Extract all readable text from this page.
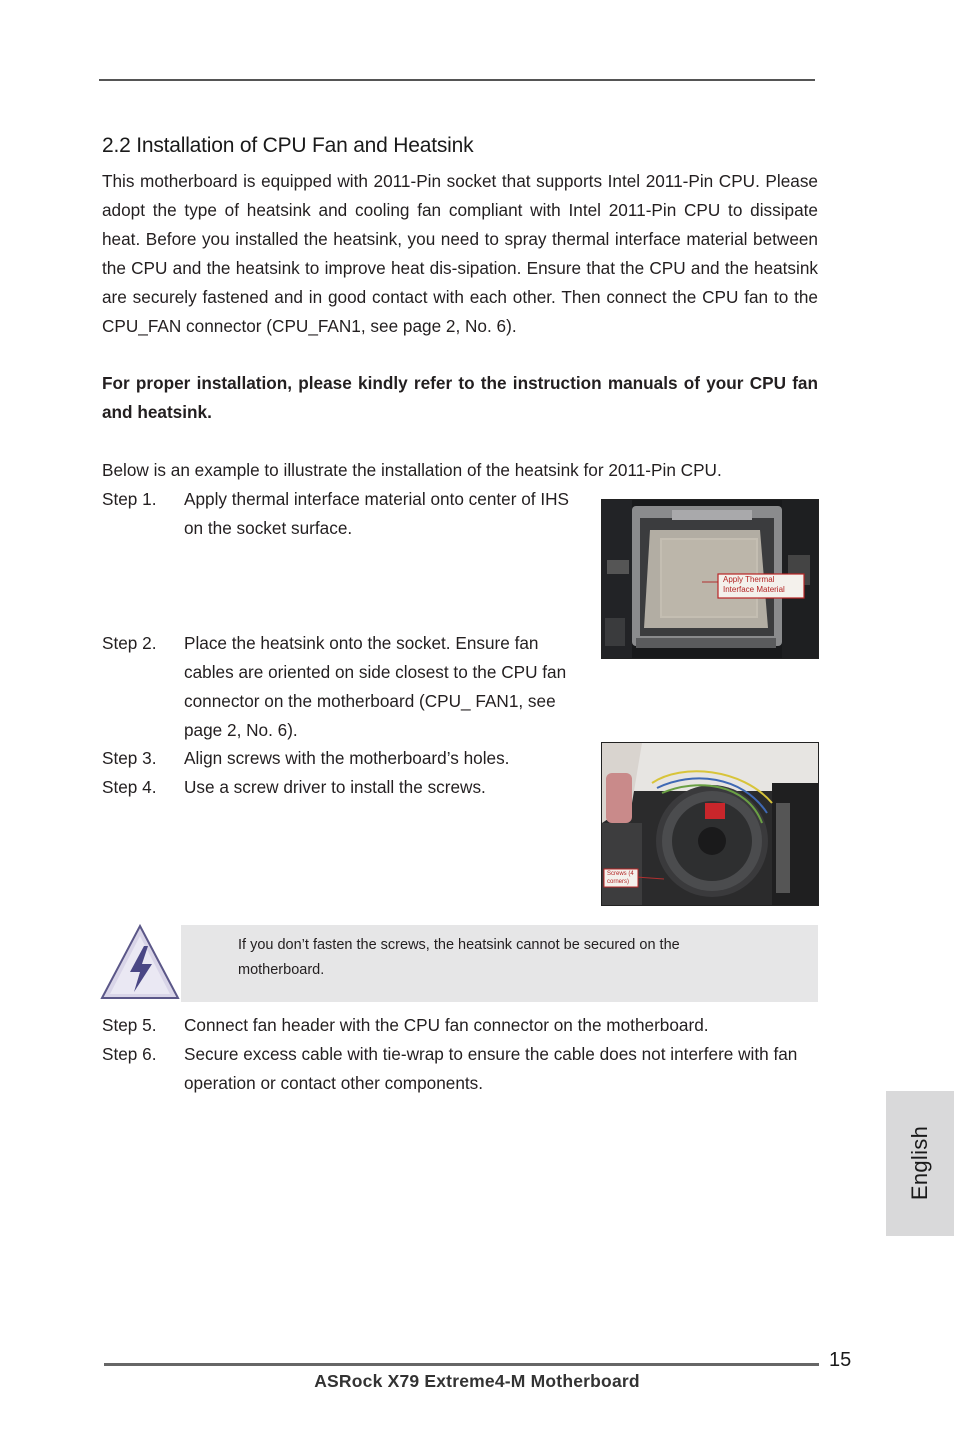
2.2 Installation of CPU Fan and Heatsink

This motherboard is equipped with 2011-Pin socket that supports Intel 2011-Pin CPU. Please adopt the type of heatsink and cooling fan compliant with Intel 2011-Pin CPU to dissipate heat. Before you installed the heatsink, you need to spray thermal interface material between the CPU and the heatsink to improve heat dis-sipation. Ensure that the CPU and the heatsink are securely fastened and in good contact with each other. Then connect the CPU fan to the CPU_FAN connector (CPU_FAN1, see page 2, No. 6).

For proper installation, please kindly refer to the instruction manuals of your CPU fan and heatsink.

Below is an example to illustrate the installation of the heatsink for 2011-Pin CPU.

Step 1. Apply thermal interface material onto center of IHS on the socket surface.
Step 2. Place the heatsink onto the socket. Ensure fan cables are oriented on side closest to the CPU fan connector on the motherboard (CPU_ FAN1, see page 2, No. 6).
Step 3. Align screws with the motherboard’s holes.
Step 4. Use a screw driver to install the screws.
Apply Thermal Interface Material
Screws (4 corners)
If you don’t fasten the screws, the heatsink cannot be secured on the motherboard.
Step 5. Connect fan header with the CPU fan connector on the motherboard.
Step 6. Secure excess cable with tie-wrap to ensure the cable does not interfere with fan operation or contact other components.
English
15
ASRock X79 Extreme4-M Motherboard
